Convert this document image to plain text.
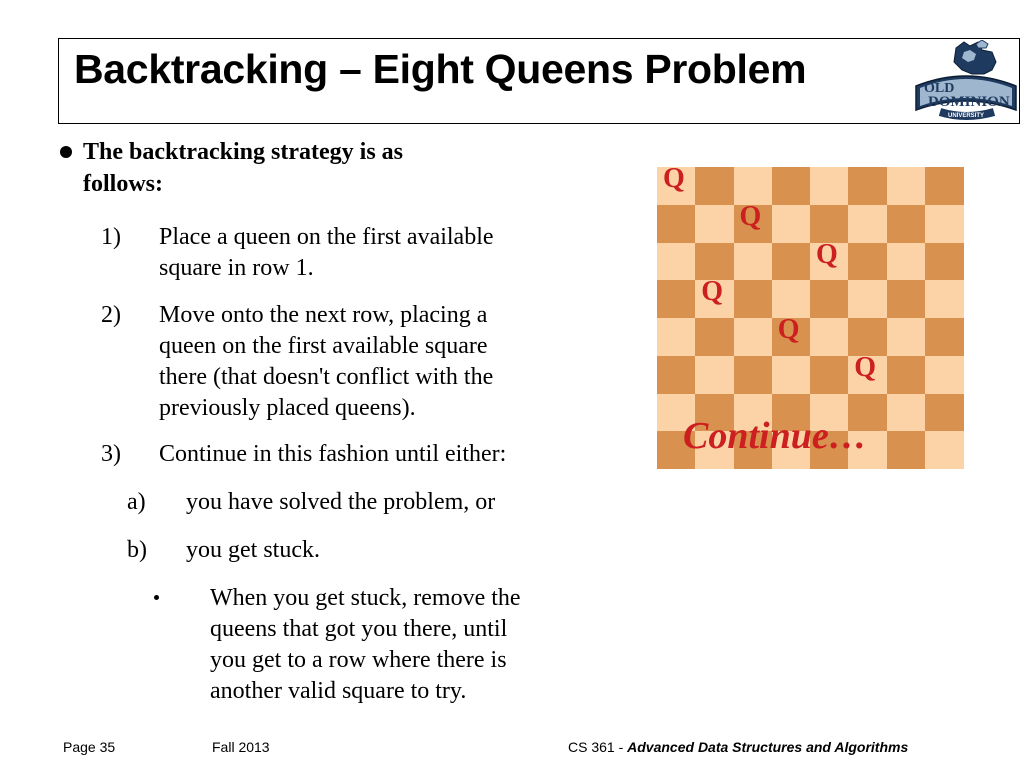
Backtracking – Eight Queens Problem	OLD
DOMINION
UNIVERSITY
The backtracking strategy is as
follows:
1) Place a queen on the first available
square in row 1.
2) Move onto the next row, placing a
queen on the first available square
there (that doesn't conflict with the
previously placed queens).
3) Continue in this fashion until either:
a) you have solved the problem, or
b) you get stuck.
When you get stuck, remove the
queens that got you there, until
you get to a row where there is
another valid square to try.
Q
Q
Q
Q
Q
Q
Continue…
Page 35	Fall 2013	CS 361 - Advanced Data Structures and Algorithms
